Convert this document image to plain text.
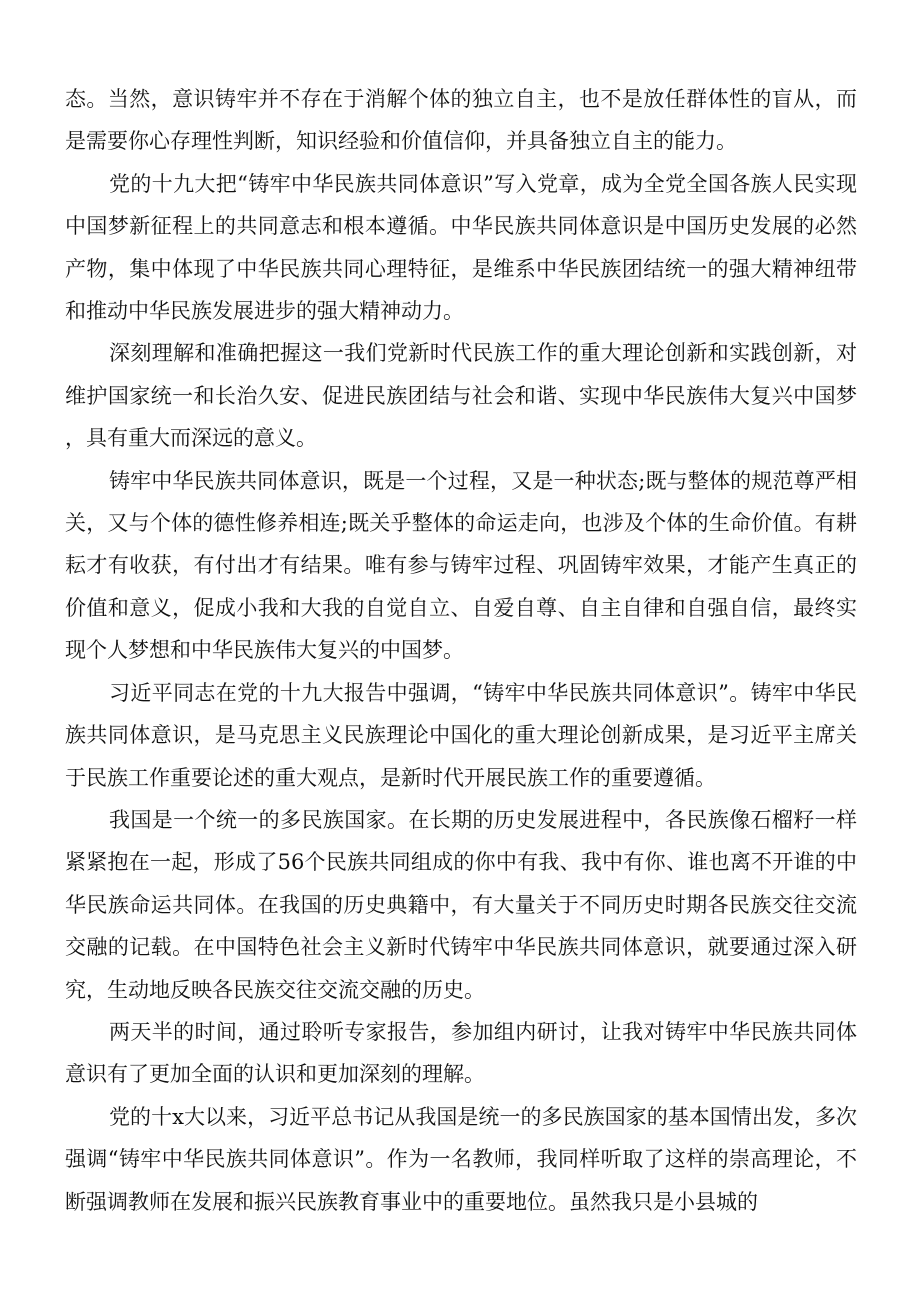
态。当然，意识铸牢并不存在于消解个体的独立自主，也不是放任群体性的盲从，而是需要你心存理性判断，知识经验和价值信仰，并具备独立自主的能力。

党的十九大把“铸牢中华民族共同体意识”写入党章，成为全党全国各族人民实现中国梦新征程上的共同意志和根本遵循。中华民族共同体意识是中国历史发展的必然产物，集中体现了中华民族共同心理特征，是维系中华民族团结统一的强大精神纽带和推动中华民族发展进步的强大精神动力。

深刻理解和准确把握这一我们党新时代民族工作的重大理论创新和实践创新，对维护国家统一和长治久安、促进民族团结与社会和谐、实现中华民族伟大复兴中国梦，具有重大而深远的意义。

铸牢中华民族共同体意识，既是一个过程，又是一种状态;既与整体的规范尊严相关，又与个体的德性修养相连;既关乎整体的命运走向，也涉及个体的生命价值。有耕耘才有收获，有付出才有结果。唯有参与铸牢过程、巩固铸牢效果，才能产生真正的价值和意义，促成小我和大我的自觉自立、自爱自尊、自主自律和自强自信，最终实现个人梦想和中华民族伟大复兴的中国梦。

习近平同志在党的十九大报告中强调，“铸牢中华民族共同体意识”。铸牢中华民族共同体意识，是马克思主义民族理论中国化的重大理论创新成果，是习近平主席关于民族工作重要论述的重大观点，是新时代开展民族工作的重要遵循。

我国是一个统一的多民族国家。在长期的历史发展进程中，各民族像石榴籽一样紧紧抱在一起，形成了56个民族共同组成的你中有我、我中有你、谁也离不开谁的中华民族命运共同体。在我国的历史典籍中，有大量关于不同历史时期各民族交往交流交融的记载。在中国特色社会主义新时代铸牢中华民族共同体意识，就要通过深入研究，生动地反映各民族交往交流交融的历史。

两天半的时间，通过聆听专家报告，参加组内研讨，让我对铸牢中华民族共同体意识有了更加全面的认识和更加深刻的理解。

党的十x大以来，习近平总书记从我国是统一的多民族国家的基本国情出发，多次强调“铸牢中华民族共同体意识”。作为一名教师，我同样听取了这样的崇高理论，不断强调教师在发展和振兴民族教育事业中的重要地位。虽然我只是小县城的
